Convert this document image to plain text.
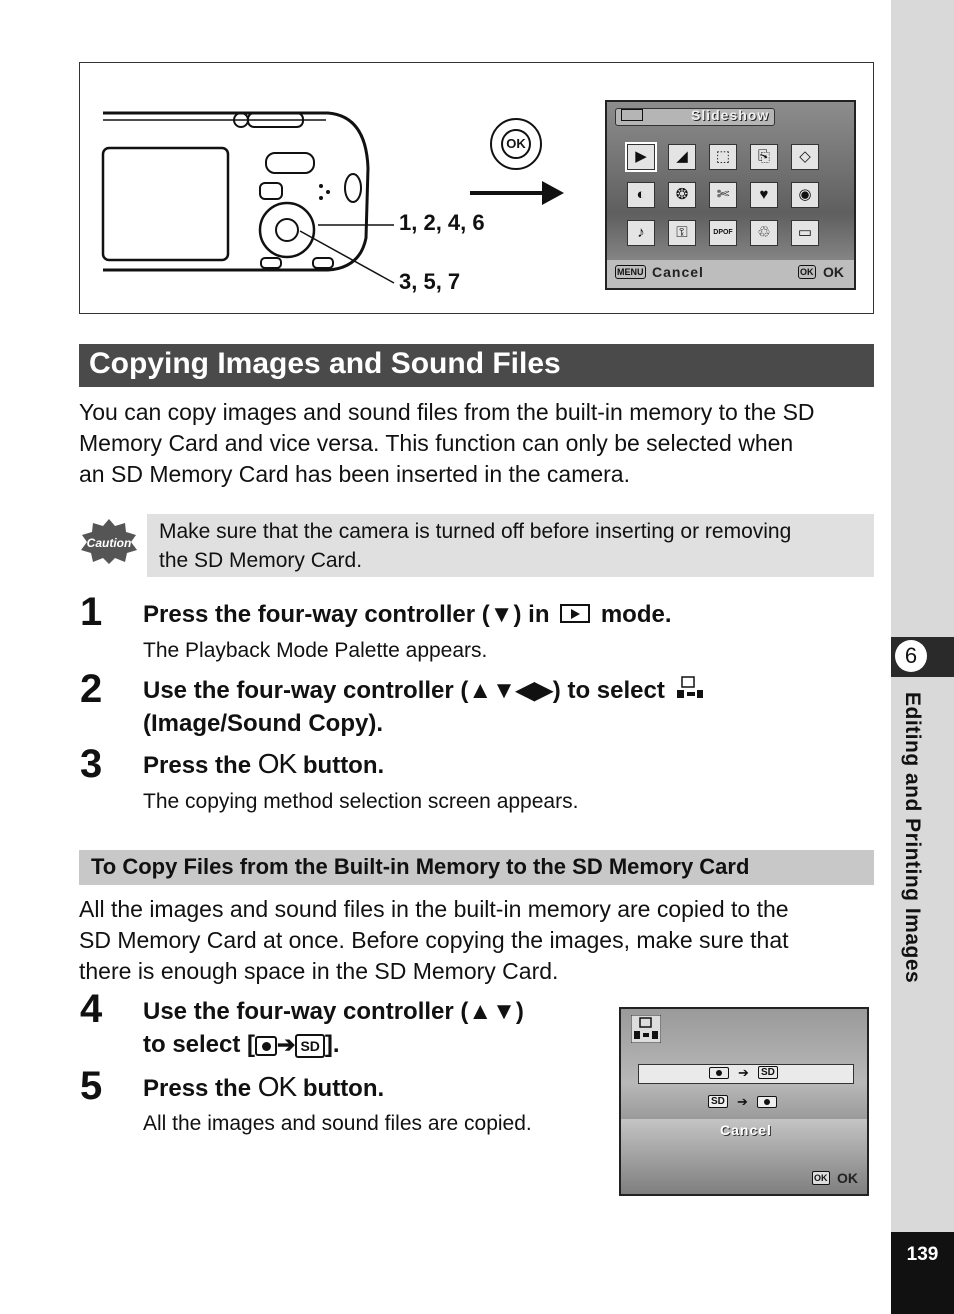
6
Editing and Printing Images
139
1, 2, 4, 6
3, 5, 7
OK
Slideshow
▶	◢	⬚	⎘	◇
◐	❂	✄	♥	◉
♪	⚿	DPOF	♲	▭
MENU Cancel	OK OK
Copying Images and Sound Files
You can copy images and sound files from the built-in memory to the SD
Memory Card and vice versa. This function can only be selected when
an SD Memory Card has been inserted in the camera.
Caution Make sure that the camera is turned off before inserting or removing
the SD Memory Card.
1 Press the four-way controller (▼) in mode.
The Playback Mode Palette appears.
2 Use the four-way controller (▲▼◀▶) to select
(Image/Sound Copy).
3 Press the OK button.
The copying method selection screen appears.
To Copy Files from the Built-in Memory to the SD Memory Card
All the images and sound files in the built-in memory are copied to the
SD Memory Card at once. Before copying the images, make sure that
there is enough space in the SD Memory Card.
4 Use the four-way controller (▲▼)
to select [ ➔ SD ].
5 Press the OK button.
All the images and sound files are copied.
➔	SD
SD ➔
Cancel
OK OK
